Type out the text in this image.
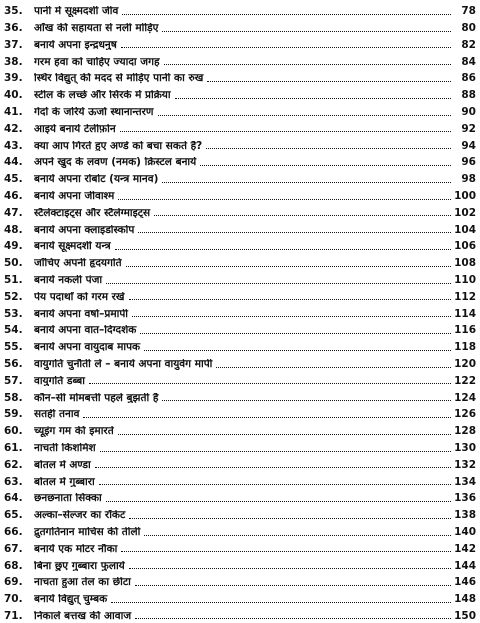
35.	पानी में सूक्ष्मदर्शी जीव	78
36.	आँख की सहायता से नली मोड़िए	80
37.	बनायें अपना इन्द्रधनुष	82
38.	गरम हवा को चाहिए ज्यादा जगह	84
39.	स्थिर विद्युत् की मदद से मोड़िए पानी का रुख	86
40.	स्टील के लच्छे और सिरके में प्रक्रिया	88
41.	गेंदों के जरिये ऊर्जा स्थानान्तरण	90
42.	आइये बनायें टेलीफ़ोन	92
43.	क्या आप गिरते हुए अण्डे को बचा सकते हैं?	94
44.	अपने खुद के लवण (नमक) क्रिस्टल बनायें	96
45.	बनायें अपना रोबोट (यन्त्र मानव)	98
46.	बनायें अपना जीवाश्म	100
47.	स्टैलेक्टाइट्स और स्टैलेग्माइट्स	102
48.	बनायें अपना क्लाइडोस्कोप	104
49.	बनायें सूक्ष्मदर्शी यन्त्र	106
50.	जाँचिए अपनी हृदयगति	108
51.	बनायें नकली पंजा	110
52.	पेय पदार्थों को गरम रखें	112
53.	बनायें अपना वर्षा–प्रमापी	114
54.	बनायें अपना वात–दिग्दर्शक	116
55.	बनायें अपना वायुदाब मापक	118
56.	वायुगति चुनौती लें – बनायें अपना वायुवेग मापी	120
57.	वायुगति डब्बा	122
58.	कौन–सी मोमबत्ती पहले बुझती है	124
59.	सतही तनाव	126
60.	च्यूइंग गम की इमारतें	128
61.	नाचती किशमिश	130
62.	बोतल में अण्डा	132
63.	बोतल में गुब्बारा	134
64.	छनछनाता सिक्का	136
65.	अल्का–सेल्जर का रॉकेट	138
66.	द्रुतगतिनान माचिस की तीली	140
67.	बनायें एक मोटर नौका	142
68.	बिना छुए गुब्बारा फुलायें	144
69.	नाचता हुआ तेल का छींटा	146
70.	बनायें विद्युत् चुम्बक	148
71.	निकालें बत्तख की आवाज	150
